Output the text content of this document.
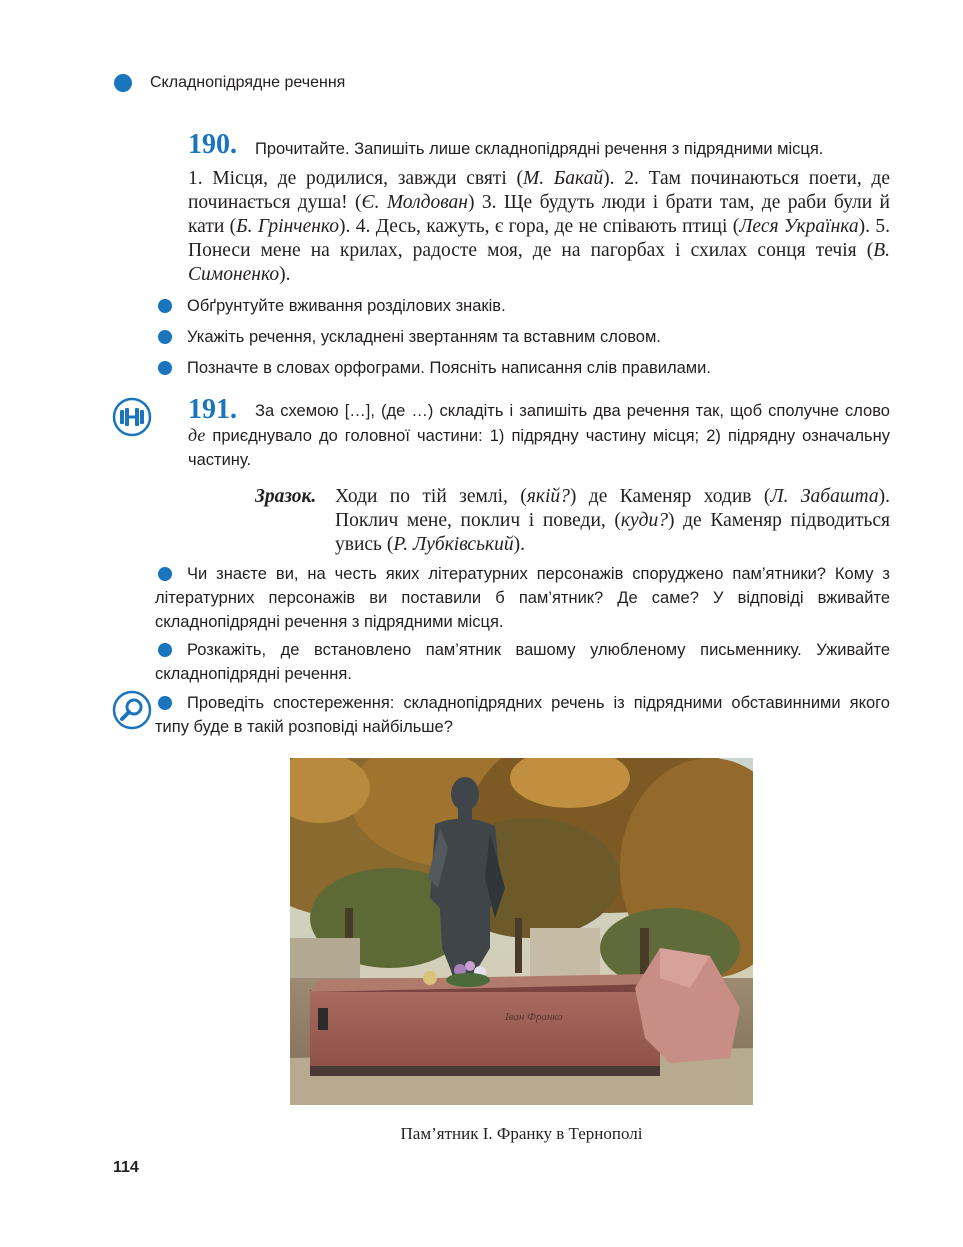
Складнопідрядне речення
190. Прочитайте. Запишіть лише складнопідрядні речення з підрядними місця.
1. Місця, де родилися, завжди святі (М. Бакай). 2. Там починаються поети, де починається душа! (Є. Молдован) 3. Ще будуть люди і брати там, де раби були й кати (Б. Грінченко). 4. Десь, кажуть, є гора, де не співають птиці (Леся Українка). 5. Понеси мене на крилах, радосте моя, де на пагорбах і схилах сонця течія (В. Симоненко).
Обґрунтуйте вживання розділових знаків.
Укажіть речення, ускладнені звертанням та вставним словом.
Позначте в словах орфограми. Поясніть написання слів правилами.
191.	За схемою […], (де …) складіть і запишіть два речення так, щоб сполучне слово де приєднувало до головної частини: 1) підрядну частину місця; 2) підрядну означальну частину.
Зразок. Ходи по тій землі, (якій?) де Каменяр ходив (Л. Забашта). Поклич мене, поклич і поведи, (куди?) де Каменяр підводиться увись (Р. Лубківський).
Чи знаєте ви, на честь яких літературних персонажів споруджено пам’ятники? Кому з літературних персонажів ви поставили б пам’ятник? Де саме? У відповіді вживайте складнопідрядні речення з підрядними місця.
Розкажіть, де встановлено пам’ятник вашому улюбленому письменнику. Уживайте складнопідрядні речення.
Проведіть спостереження: складнопідрядних речень із підрядними обставинними якого типу буде в такій розповіді найбільше?
Іван Франко
Пам’ятник І. Франку в Тернополі
114
